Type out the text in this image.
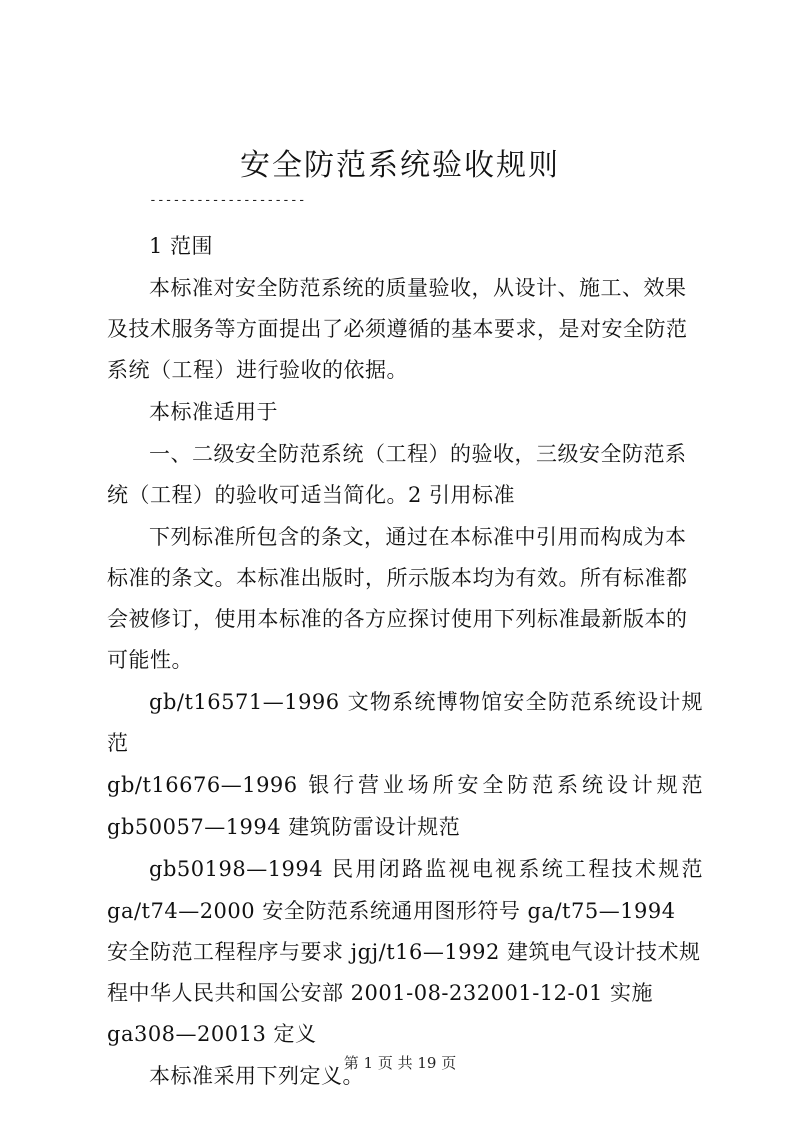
安全防范系统验收规则
--------------------

1 范围

本标准对安全防范系统的质量验收，从设计、施工、效果及技术服务等方面提出了必须遵循的基本要求，是对安全防范系统（工程）进行验收的依据。

本标准适用于

一、二级安全防范系统（工程）的验收，三级安全防范系统（工程）的验收可适当简化。2 引用标准

下列标准所包含的条文，通过在本标准中引用而构成为本标准的条文。本标准出版时，所示版本均为有效。所有标准都会被修订，使用本标准的各方应探讨使用下列标准最新版本的可能性。

gb/t16571—1996 文物系统博物馆安全防范系统设计规范

gb/t16676—1996 银行营业场所安全防范系统设计规范

gb50057—1994 建筑防雷设计规范

gb50198—1994 民用闭路监视电视系统工程技术规范

ga/t74—2000 安全防范系统通用图形符号 ga/t75—1994 安全防范工程程序与要求 jgj/t16—1992 建筑电气设计技术规程中华人民共和国公安部 2001-08-232001-12-01 实施 ga308—20013 定义

本标准采用下列定义。

第 1 页 共 19 页
